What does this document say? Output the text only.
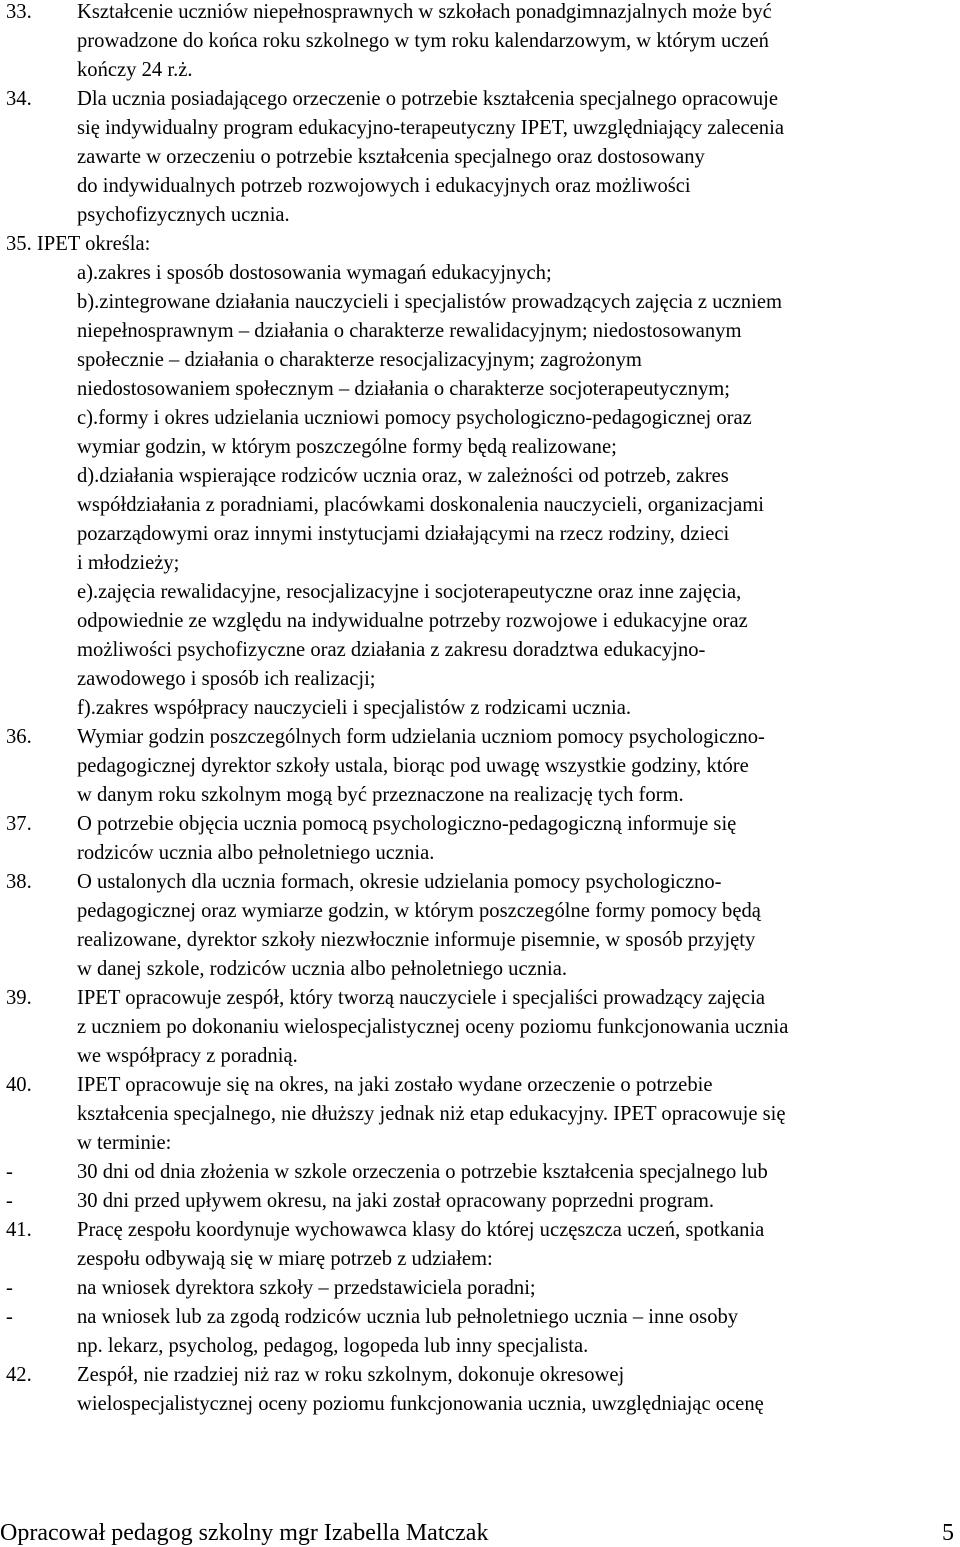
33. Kształcenie uczniów niepełnosprawnych w szkołach ponadgimnazjalnych może być
prowadzone do końca roku szkolnego w tym roku kalendarzowym, w którym uczeń
kończy 24 r.ż.
34. Dla ucznia posiadającego orzeczenie o potrzebie kształcenia specjalnego opracowuje
się indywidualny program edukacyjno-terapeutyczny IPET, uwzględniający zalecenia
zawarte w orzeczeniu o potrzebie kształcenia specjalnego oraz dostosowany
do indywidualnych potrzeb rozwojowych i edukacyjnych oraz możliwości
psychofizycznych ucznia.
35. IPET określa:
a).zakres i sposób dostosowania wymagań edukacyjnych;
b).zintegrowane działania nauczycieli i specjalistów prowadzących zajęcia z uczniem
niepełnosprawnym – działania o charakterze rewalidacyjnym; niedostosowanym
społecznie – działania o charakterze resocjalizacyjnym; zagrożonym
niedostosowaniem społecznym – działania o charakterze socjoterapeutycznym;
c).formy i okres udzielania uczniowi pomocy psychologiczno-pedagogicznej oraz
wymiar godzin, w którym poszczególne formy będą realizowane;
d).działania wspierające rodziców ucznia oraz, w zależności od potrzeb, zakres
współdziałania z poradniami, placówkami doskonalenia nauczycieli, organizacjami
pozarządowymi oraz innymi instytucjami działającymi na rzecz rodziny, dzieci
i młodzieży;
e).zajęcia rewalidacyjne, resocjalizacyjne i socjoterapeutyczne oraz inne zajęcia,
odpowiednie ze względu na indywidualne potrzeby rozwojowe i edukacyjne oraz
możliwości psychofizyczne oraz działania z zakresu doradztwa edukacyjno-
zawodowego i sposób ich realizacji;
f).zakres współpracy nauczycieli i specjalistów z rodzicami ucznia.
36. Wymiar godzin poszczególnych form udzielania uczniom pomocy psychologiczno-
pedagogicznej dyrektor szkoły ustala, biorąc pod uwagę wszystkie godziny, które
w danym roku szkolnym mogą być przeznaczone na realizację tych form.
37. O potrzebie objęcia ucznia pomocą psychologiczno-pedagogiczną informuje się
rodziców ucznia albo pełnoletniego ucznia.
38. O ustalonych dla ucznia formach, okresie udzielania pomocy psychologiczno-
pedagogicznej oraz wymiarze godzin, w którym poszczególne formy pomocy będą
realizowane, dyrektor szkoły niezwłocznie informuje pisemnie, w sposób przyjęty
w danej szkole, rodziców ucznia albo pełnoletniego ucznia.
39. IPET opracowuje zespół, który tworzą nauczyciele i specjaliści prowadzący zajęcia
z uczniem po dokonaniu wielospecjalistycznej oceny poziomu funkcjonowania ucznia
we współpracy z poradnią.
40. IPET opracowuje się na okres, na jaki zostało wydane orzeczenie o potrzebie
kształcenia specjalnego, nie dłuższy jednak niż etap edukacyjny. IPET opracowuje się
w terminie:
-	30 dni od dnia złożenia w szkole orzeczenia o potrzebie kształcenia specjalnego lub
-	30 dni przed upływem okresu, na jaki został opracowany poprzedni program.
41. Pracę zespołu koordynuje wychowawca klasy do której uczęszcza uczeń, spotkania
zespołu odbywają się w miarę potrzeb z udziałem:
-	na wniosek dyrektora szkoły – przedstawiciela poradni;
-	na wniosek lub za zgodą rodziców ucznia lub pełnoletniego ucznia – inne osoby
np. lekarz, psycholog, pedagog, logopeda lub inny specjalista.
42. Zespół, nie rzadziej niż raz w roku szkolnym, dokonuje okresowej
wielospecjalistycznej oceny poziomu funkcjonowania ucznia, uwzględniając ocenę
Opracował pedagog szkolny mgr Izabella Matczak	5
